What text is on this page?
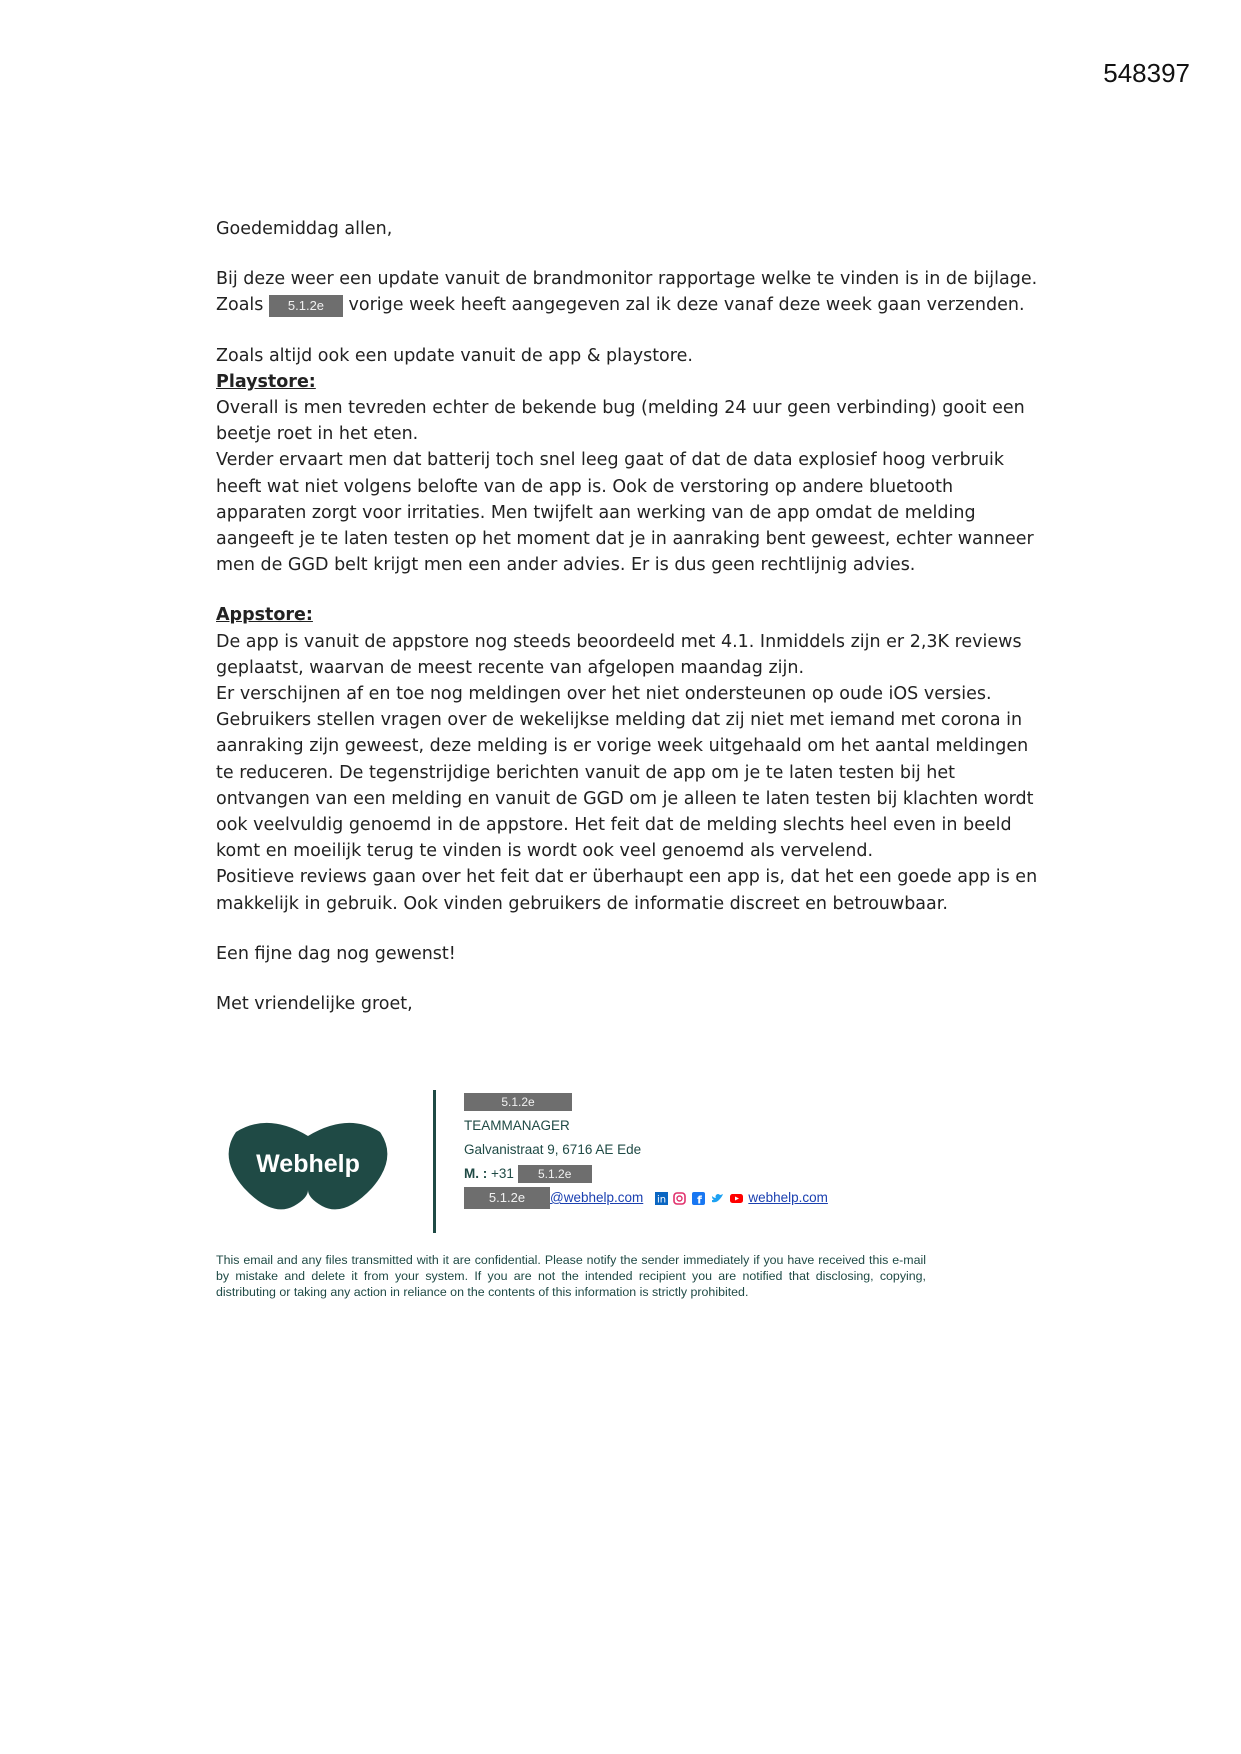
548397

Goedemiddag allen,

Bij deze weer een update vanuit de brandmonitor rapportage welke te vinden is in de bijlage. Zoals 5.1.2e vorige week heeft aangegeven zal ik deze vanaf deze week gaan verzenden.

Zoals altijd ook een update vanuit de app & playstore.

Playstore:

Overall is men tevreden echter de bekende bug (melding 24 uur geen verbinding) gooit een beetje roet in het eten.

Verder ervaart men dat batterij toch snel leeg gaat of dat de data explosief hoog verbruik heeft wat niet volgens belofte van de app is. Ook de verstoring op andere bluetooth apparaten zorgt voor irritaties. Men twijfelt aan werking van de app omdat de melding aangeeft je te laten testen op het moment dat je in aanraking bent geweest, echter wanneer men de GGD belt krijgt men een ander advies. Er is dus geen rechtlijnig advies.

Appstore:

De app is vanuit de appstore nog steeds beoordeeld met 4.1. Inmiddels zijn er 2,3K reviews geplaatst, waarvan de meest recente van afgelopen maandag zijn.

Er verschijnen af en toe nog meldingen over het niet ondersteunen op oude iOS versies. Gebruikers stellen vragen over de wekelijkse melding dat zij niet met iemand met corona in aanraking zijn geweest, deze melding is er vorige week uitgehaald om het aantal meldingen te reduceren. De tegenstrijdige berichten vanuit de app om je te laten testen bij het ontvangen van een melding en vanuit de GGD om je alleen te laten testen bij klachten wordt ook veelvuldig genoemd in de appstore. Het feit dat de melding slechts heel even in beeld komt en moeilijk terug te vinden is wordt ook veel genoemd als vervelend.

Positieve reviews gaan over het feit dat er überhaupt een app is, dat het een goede app is en makkelijk in gebruik. Ook vinden gebruikers de informatie discreet en betrouwbaar.

Een fijne dag nog gewenst!

Met vriendelijke groet,

Webhelp
5.1.2e
TEAMMANAGER
Galvanistraat 9, 6716 AE Ede
M. : +31 5.1.2e
5.1.2e @webhelp.com in
	f	webhelp.com
This email and any files transmitted with it are confidential. Please notify the sender immediately if you have received this e-mail by mistake and delete it from your system. If you are not the intended recipient you are notified that disclosing, copying, distributing or taking any action in reliance on the contents of this information is strictly prohibited.
